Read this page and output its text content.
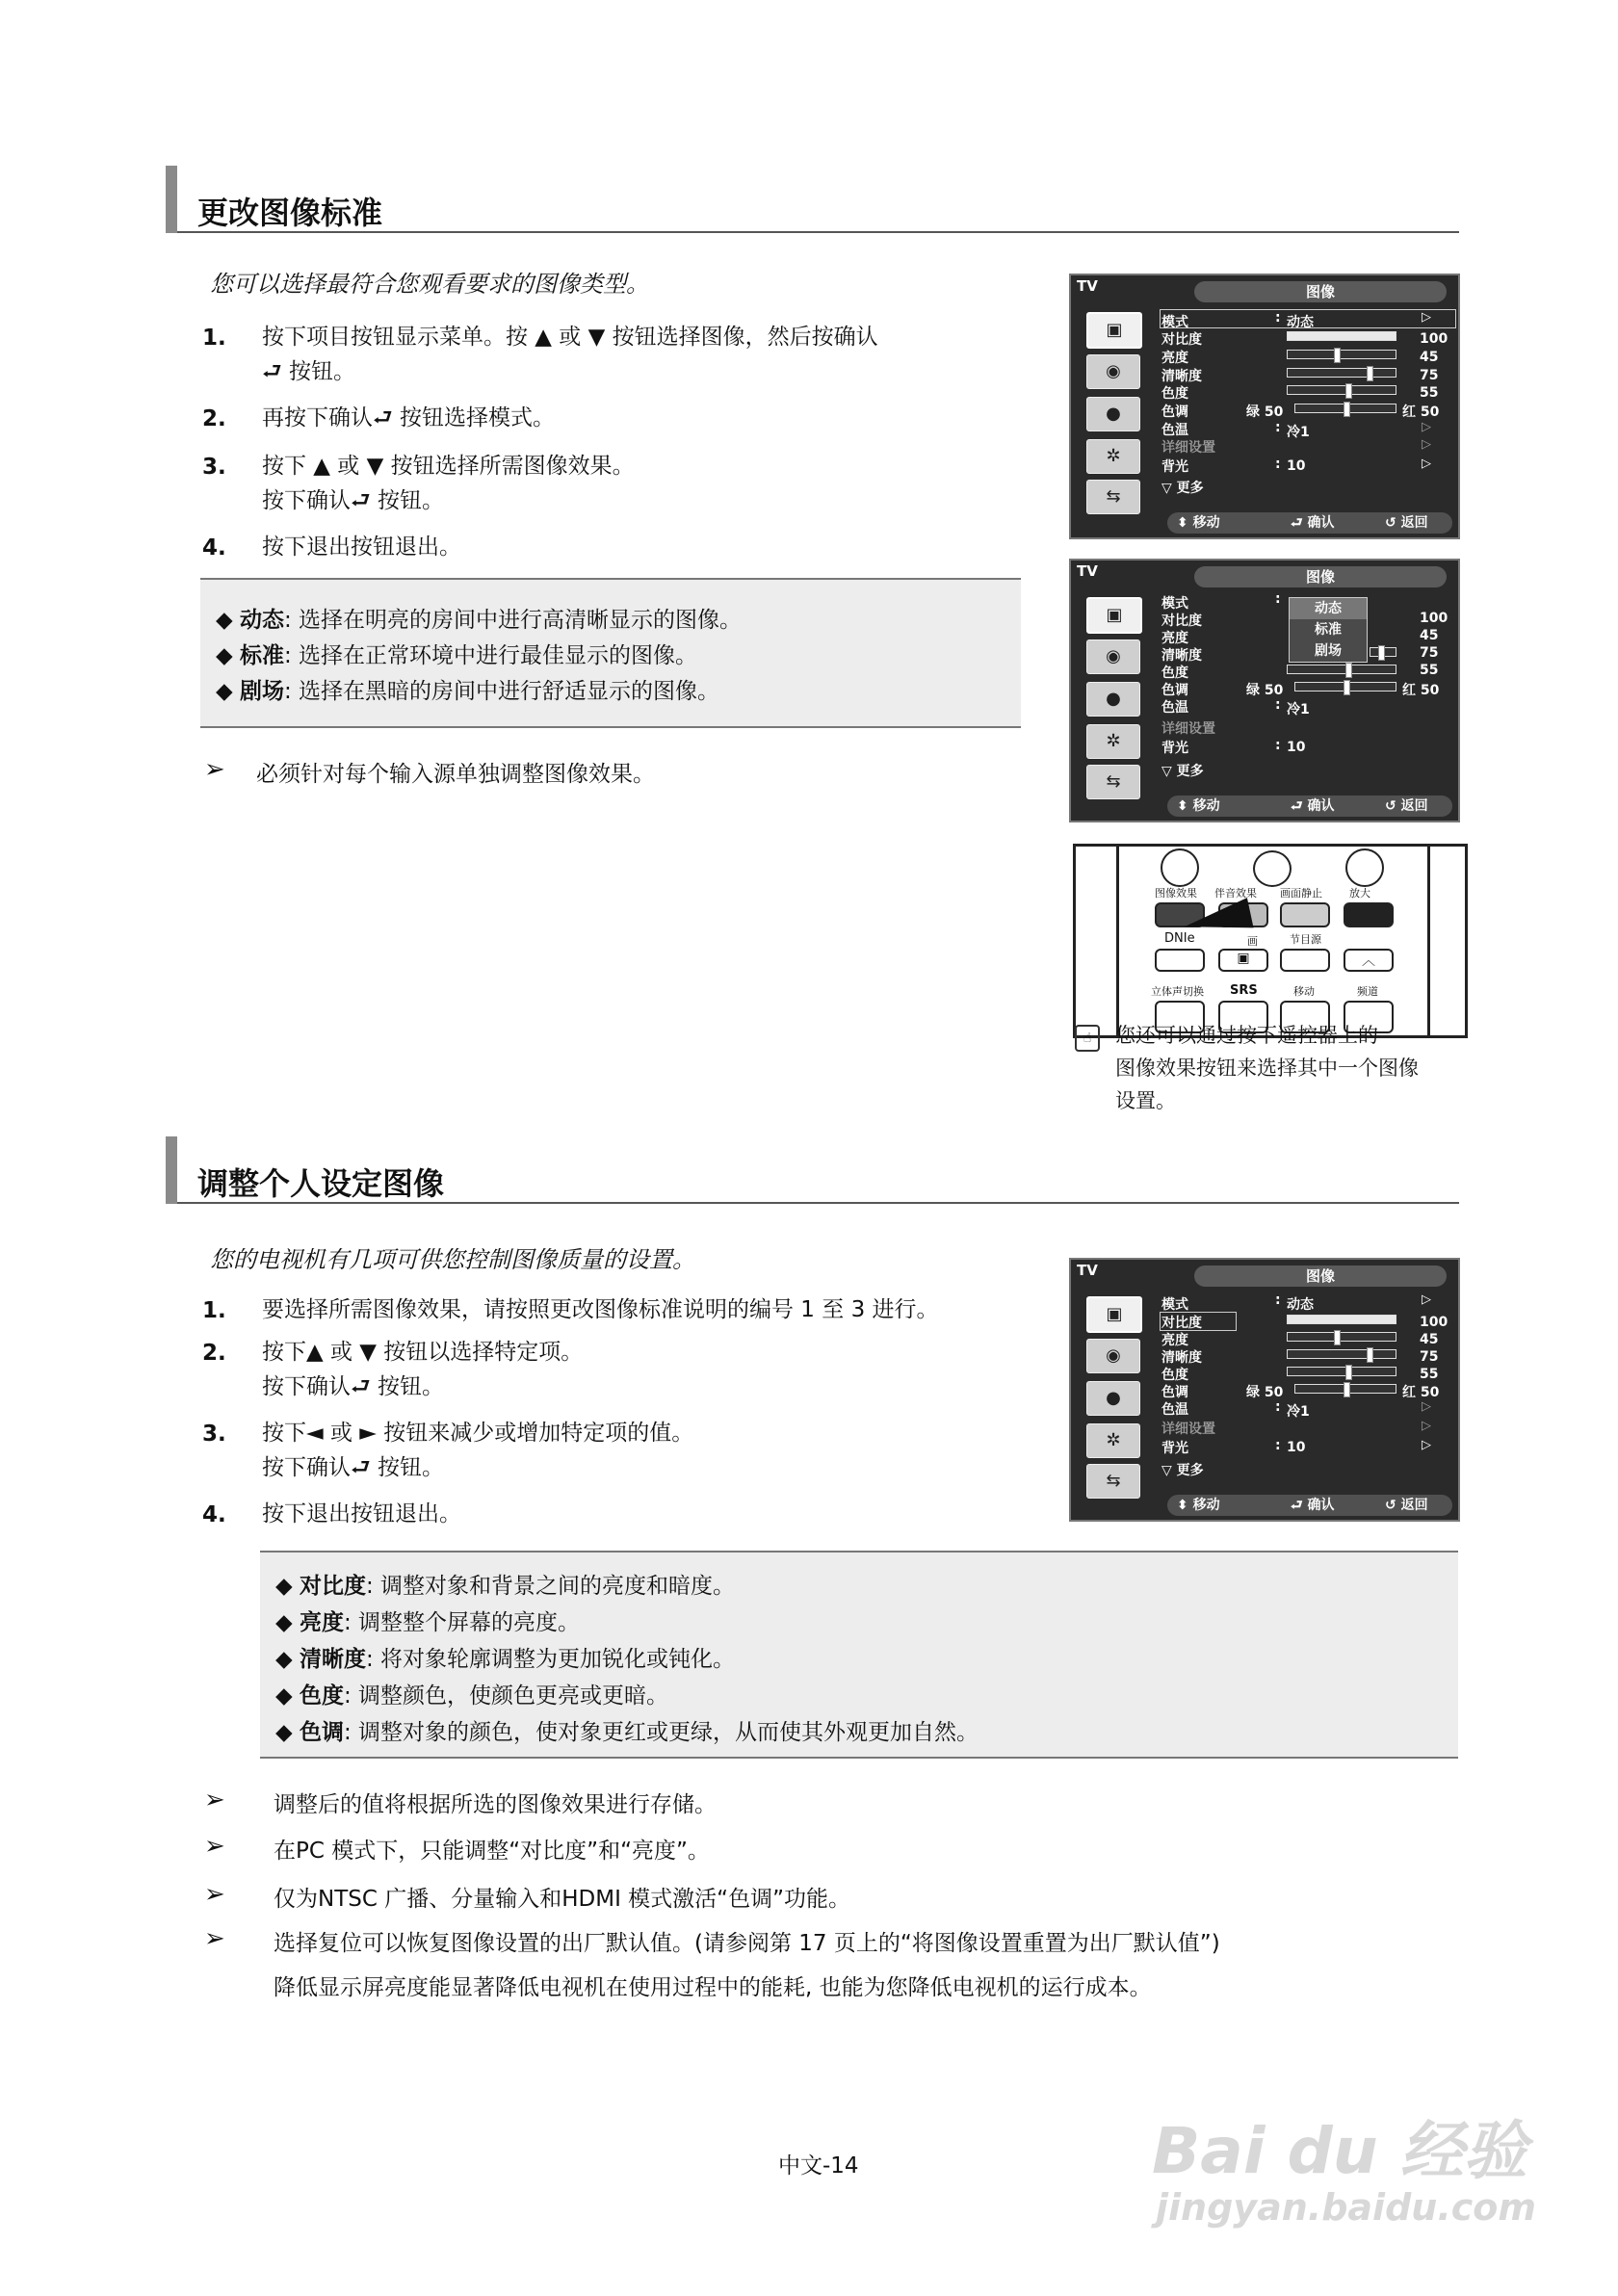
更改图像标准
您可以选择最符合您观看要求的图像类型。
1. 按下项目按钮显示菜单。按 ▲ 或 ▼ 按钮选择图像，然后按确认
⮐ 按钮。
2. 再按下确认⮐ 按钮选择模式。
3. 按下 ▲ 或 ▼ 按钮选择所需图像效果。
按下确认⮐ 按钮。
4. 按下退出按钮退出。
◆ 动态: 选择在明亮的房间中进行高清晰显示的图像。
◆ 标准: 选择在正常环境中进行最佳显示的图像。
◆ 剧场: 选择在黑暗的房间中进行舒适显示的图像。
➢ 必须针对每个输入源单独调整图像效果。
TV	图像
▣
◉
●
✲
⇆
模式	: 动态	▷
对比度	100
亮度	45
清晰度	75
色度	55
色调	绿 50	红 50
色温	: 冷1	▷
详细设置	▷
背光	: 10	▷
▽ 更多
⬍ 移动	⮐ 确认	↺ 返回
TV	图像
▣
◉
●
✲
⇆
模式	:
对比度	100
亮度	45
清晰度	75
色度	55
色调	绿 50	红 50
色温	: 冷1
详细设置
背光	: 10
▽ 更多
动态
标准
剧场
⬍ 移动	⮐ 确认	↺ 返回
图像效果 伴音效果 画面静止	放大
DNIe	画	节目源
▣	︿
立体声切换 SRS	移动	频道
☝	您还可以通过按下遥控器上的
图像效果按钮来选择其中一个图像
设置。
调整个人设定图像
您的电视机有几项可供您控制图像质量的设置。
1. 要选择所需图像效果，请按照更改图像标准说明的编号 1 至 3 进行。
2. 按下▲ 或 ▼ 按钮以选择特定项。
按下确认⮐ 按钮。
3. 按下◄ 或 ► 按钮来减少或增加特定项的值。
按下确认⮐ 按钮。
4. 按下退出按钮退出。
TV	图像
▣
◉
●
✲
⇆
模式	: 动态	▷
对比度	100
亮度	45
清晰度	75
色度	55
色调	绿 50	红 50
色温	: 冷1	▷
详细设置	▷
背光	: 10	▷
▽ 更多
⬍ 移动	⮐ 确认	↺ 返回
◆ 对比度: 调整对象和背景之间的亮度和暗度。
◆ 亮度: 调整整个屏幕的亮度。
◆ 清晰度: 将对象轮廓调整为更加锐化或钝化。
◆ 色度: 调整颜色，使颜色更亮或更暗。
◆ 色调: 调整对象的颜色，使对象更红或更绿，从而使其外观更加自然。
➢ 调整后的值将根据所选的图像效果进行存储。
➢ 在PC 模式下，只能调整“对比度”和“亮度”。
➢ 仅为NTSC 广播、分量输入和HDMI 模式激活“色调”功能。
➢ 选择复位可以恢复图像设置的出厂默认值。(请参阅第 17 页上的“将图像设置重置为出厂默认值”)
降低显示屏亮度能显著降低电视机在使用过程中的能耗, 也能为您降低电视机的运行成本。
中文-14	Bai du 经验
jingyan.baidu.com
